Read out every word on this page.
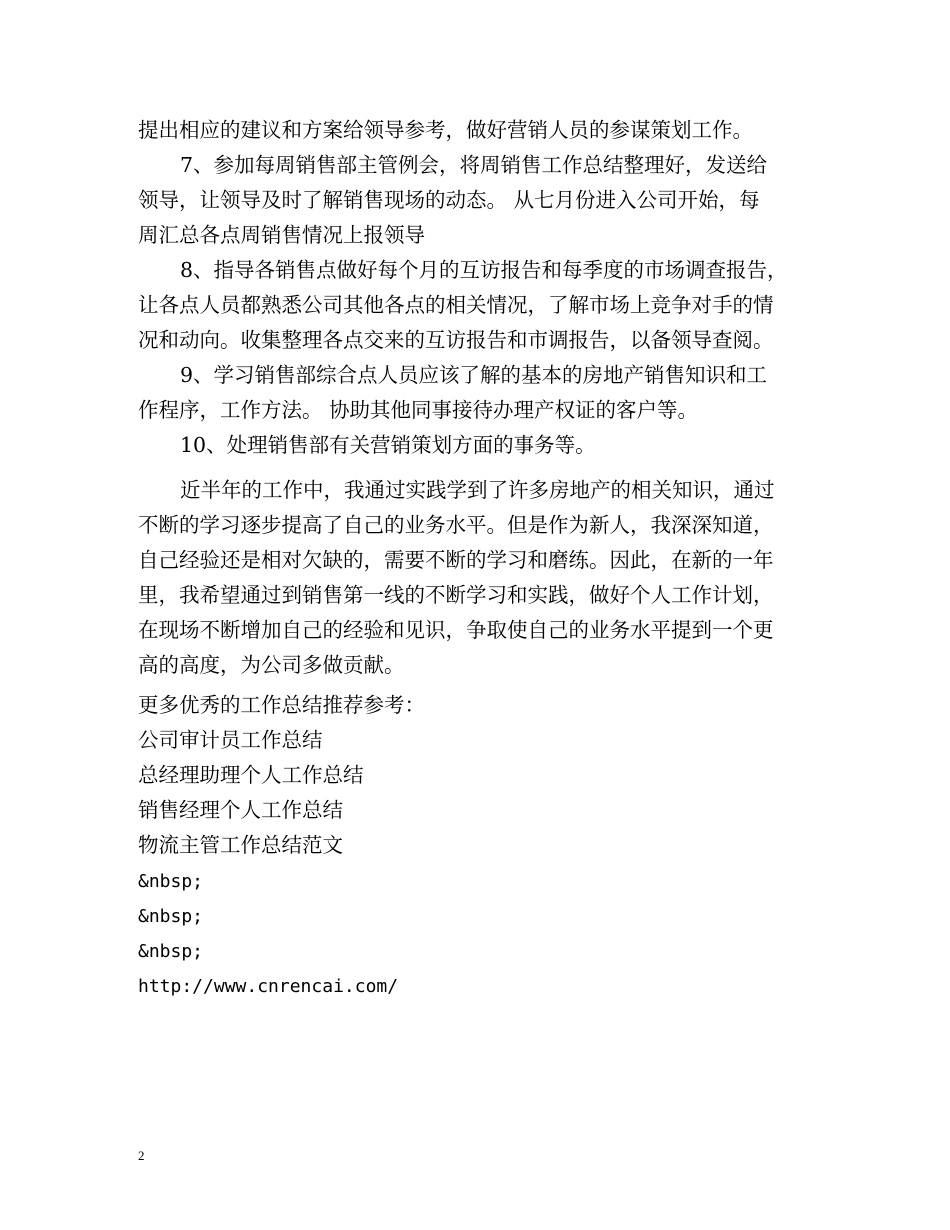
提出相应的建议和方案给领导参考，做好营销人员的参谋策划工作。
7、参加每周销售部主管例会，将周销售工作总结整理好，发送给
领导，让领导及时了解销售现场的动态。 从七月份进入公司开始，每
周汇总各点周销售情况上报领导
8、指导各销售点做好每个月的互访报告和每季度的市场调查报告，
让各点人员都熟悉公司其他各点的相关情况，了解市场上竞争对手的情
况和动向。收集整理各点交来的互访报告和市调报告，以备领导查阅。
9、学习销售部综合点人员应该了解的基本的房地产销售知识和工
作程序，工作方法。 协助其他同事接待办理产权证的客户等。
10、处理销售部有关营销策划方面的事务等。
近半年的工作中，我通过实践学到了许多房地产的相关知识，通过
不断的学习逐步提高了自己的业务水平。但是作为新人，我深深知道，
自己经验还是相对欠缺的，需要不断的学习和磨练。因此，在新的一年
里，我希望通过到销售第一线的不断学习和实践，做好个人工作计划，
在现场不断增加自己的经验和见识，争取使自己的业务水平提到一个更
高的高度，为公司多做贡献。
更多优秀的工作总结推荐参考：
公司审计员工作总结
总经理助理个人工作总结
销售经理个人工作总结
物流主管工作总结范文
&nbsp;
&nbsp;
&nbsp;
http://www.cnrencai.com/
2
